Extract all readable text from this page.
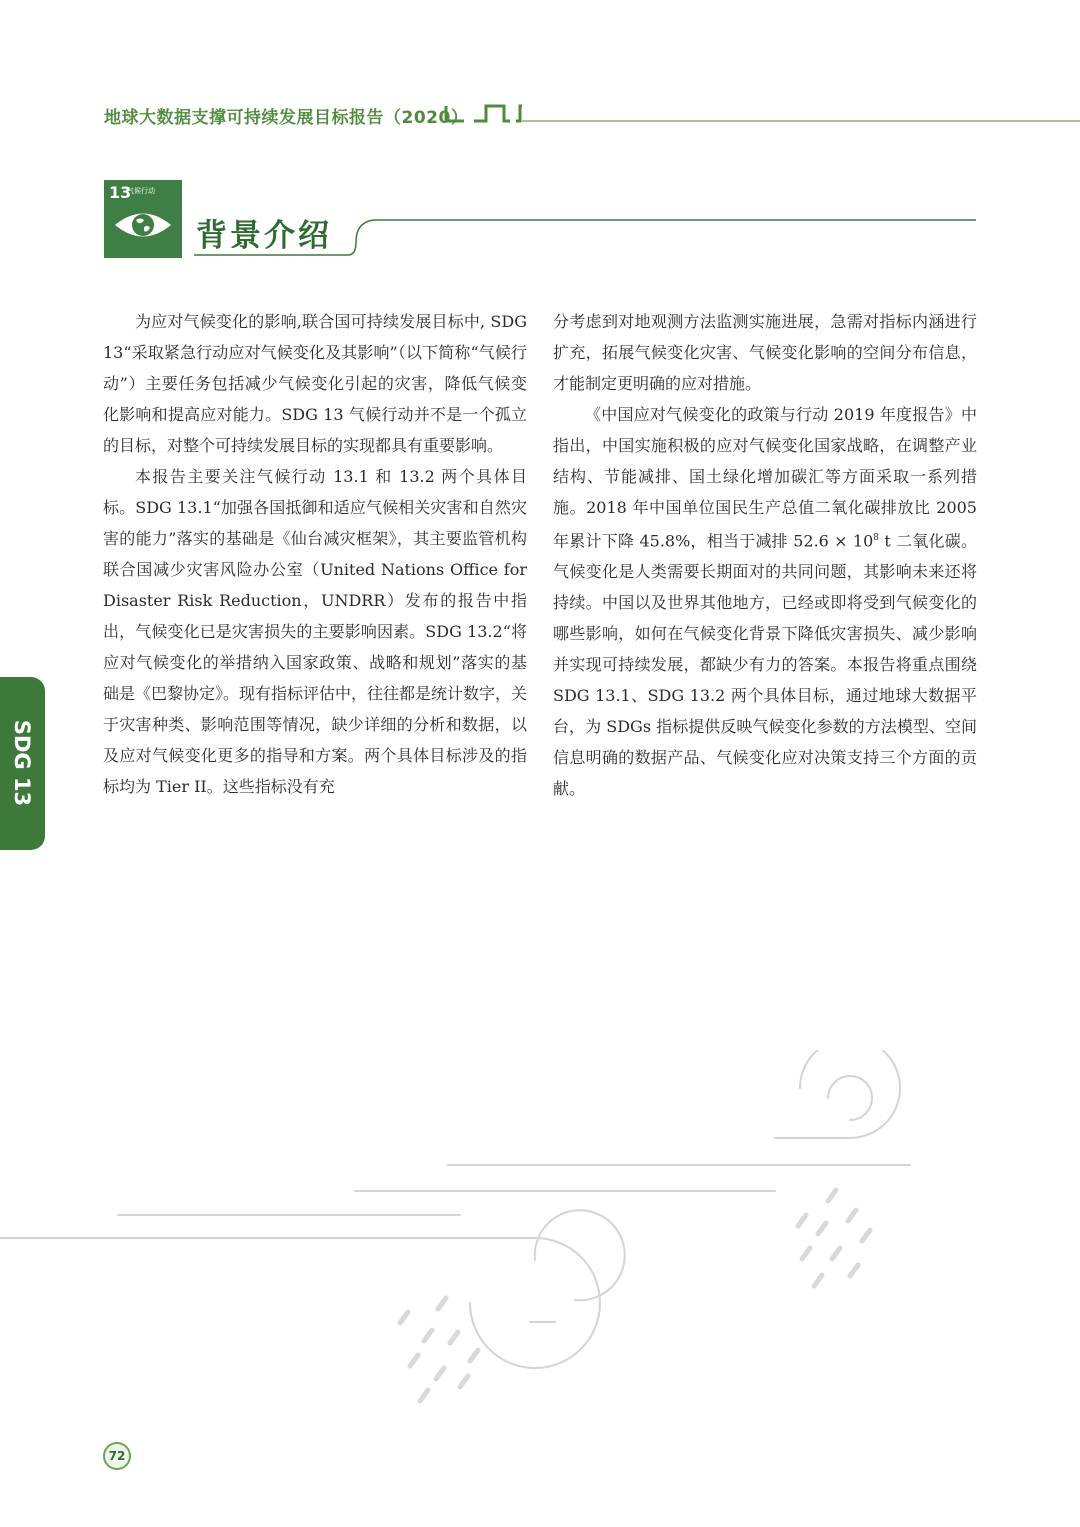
地球大数据支撑可持续发展目标报告（2020）
13
气候行动
背景介绍

为应对气候变化的影响,联合国可持续发展目标中, SDG 13“采取紧急行动应对气候变化及其影响”（以下简称“气候行动”）主要任务包括减少气候变化引起的灾害，降低气候变化影响和提高应对能力。SDG 13 气候行动并不是一个孤立的目标，对整个可持续发展目标的实现都具有重要影响。

本报告主要关注气候行动 13.1 和 13.2 两个具体目标。SDG 13.1“加强各国抵御和适应气候相关灾害和自然灾害的能力”落实的基础是《仙台减灾框架》，其主要监管机构联合国减少灾害风险办公室（United Nations Office for Disaster Risk Reduction，UNDRR）发布的报告中指出，气候变化已是灾害损失的主要影响因素。SDG 13.2“将应对气候变化的举措纳入国家政策、战略和规划”落实的基础是《巴黎协定》。现有指标评估中，往往都是统计数字，关于灾害种类、影响范围等情况，缺少详细的分析和数据，以及应对气候变化更多的指导和方案。两个具体目标涉及的指标均为 Tier II。这些指标没有充

分考虑到对地观测方法监测实施进展，急需对指标内涵进行扩充，拓展气候变化灾害、气候变化影响的空间分布信息，才能制定更明确的应对措施。

《中国应对气候变化的政策与行动 2019 年度报告》中指出，中国实施积极的应对气候变化国家战略，在调整产业结构、节能减排、国土绿化增加碳汇等方面采取一系列措施。2018 年中国单位国民生产总值二氧化碳排放比 2005 年累计下降 45.8%，相当于减排 $52.6 \times 10^8$ t 二氧化碳。气候变化是人类需要长期面对的共同问题，其影响未来还将持续。中国以及世界其他地方，已经或即将受到气候变化的哪些影响，如何在气候变化背景下降低灾害损失、减少影响并实现可持续发展，都缺少有力的答案。本报告将重点围绕 SDG 13.1、SDG 13.2 两个具体目标，通过地球大数据平台，为 SDGs 指标提供反映气候变化参数的方法模型、空间信息明确的数据产品、气候变化应对决策支持三个方面的贡献。

SDG 13
72
